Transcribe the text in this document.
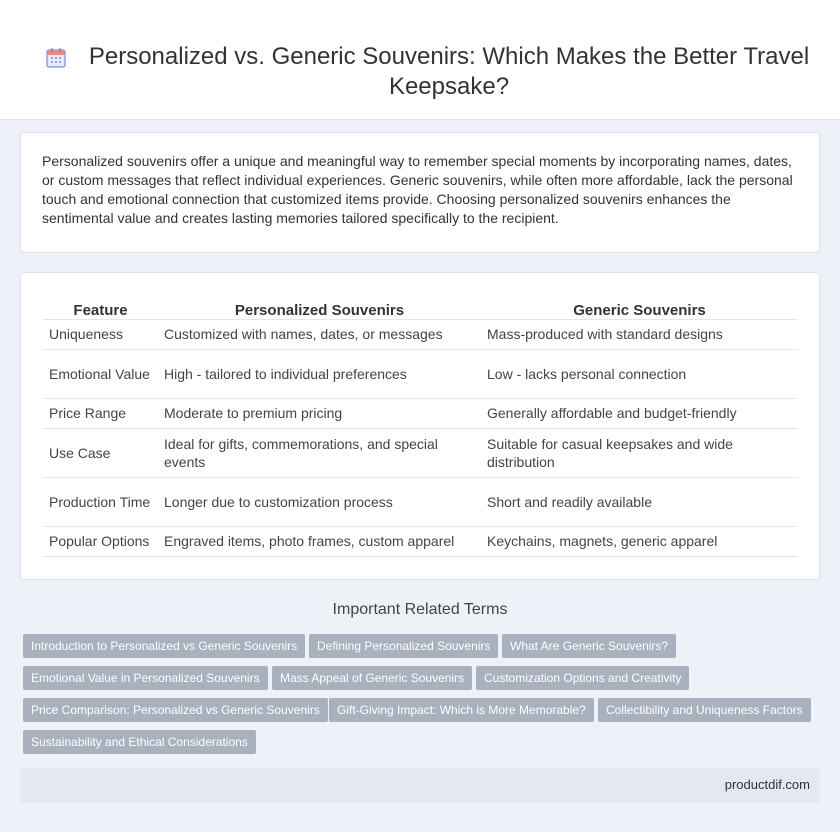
Personalized vs. Generic Souvenirs: Which Makes the Better Travel Keepsake?

Personalized souvenirs offer a unique and meaningful way to remember special moments by incorporating names, dates, or custom messages that reflect individual experiences. Generic souvenirs, while often more affordable, lack the personal touch and emotional connection that customized items provide. Choosing personalized souvenirs enhances the sentimental value and creates lasting memories tailored specifically to the recipient.

Feature	Personalized Souvenirs	Generic Souvenirs
Uniqueness	Customized with names, dates, or messages	Mass-produced with standard designs
Emotional Value	High - tailored to individual preferences	Low - lacks personal connection
Price Range	Moderate to premium pricing	Generally affordable and budget-friendly
Use Case	Ideal for gifts, commemorations, and special events	Suitable for casual keepsakes and wide distribution
Production Time	Longer due to customization process	Short and readily available
Popular Options	Engraved items, photo frames, custom apparel	Keychains, magnets, generic apparel
Important Related Terms
Introduction to Personalized vs Generic Souvenirs	Defining Personalized Souvenirs	What Are Generic Souvenirs?
Emotional Value in Personalized Souvenirs	Mass Appeal of Generic Souvenirs	Customization Options and Creativity
Price Comparison: Personalized vs Generic Souvenirs	Gift-Giving Impact: Which is More Memorable?	Collectibility and Uniqueness Factors
Sustainability and Ethical Considerations
productdif.com
